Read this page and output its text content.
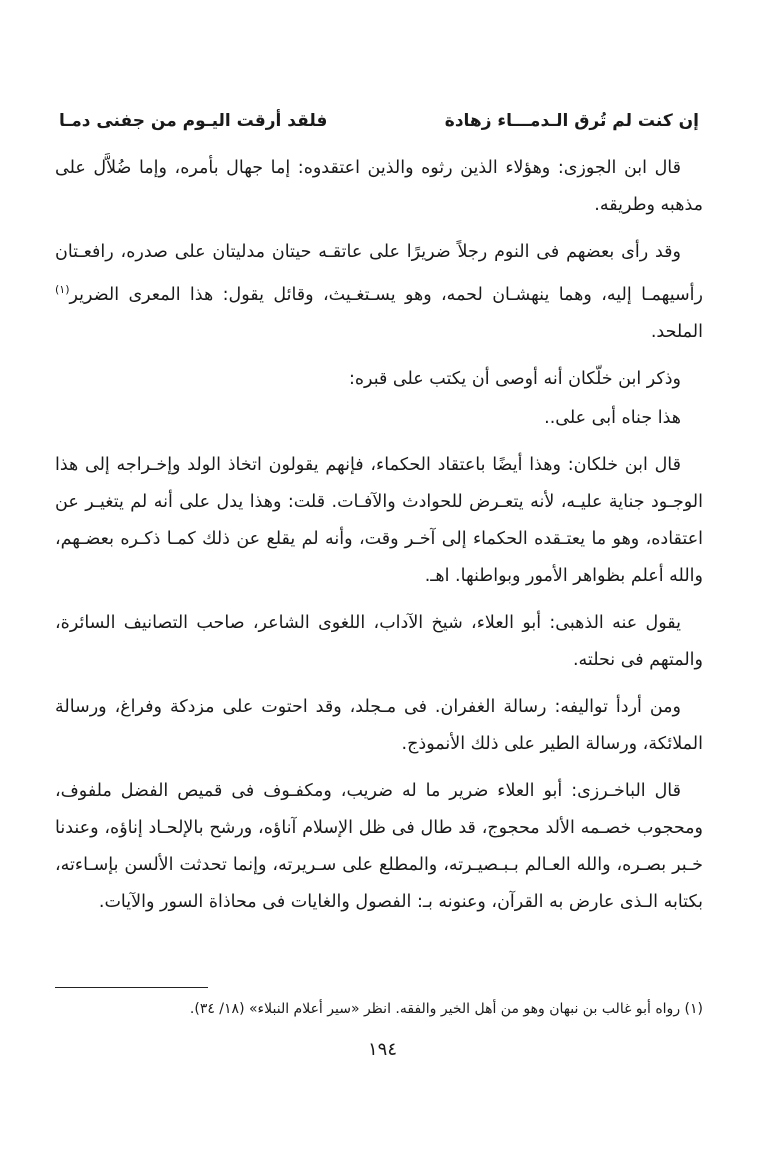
إن كنت لم تُرق الـدمـــاء زهادة
فلقد أرقت اليـوم من جفنى دمـا

قال ابن الجوزى: وهؤلاء الذين رثوه والذين اعتقدوه: إما جهال بأمره، وإما ضُلاَّل على مذهبه وطريقه.

وقد رأى بعضهم فى النوم رجلاً ضريرًا على عاتقـه حيتان مدليتان على صدره، رافعـتان رأسيهمـا إليه، وهما ينهشـان لحمه، وهو يسـتغـيث، وقائل يقول: هذا المعرى الضرير$^{(١)}$ الملحد.

وذكر ابن خلّكان أنه أوصى أن يكتب على قبره:

هذا جناه أبى على..

قال ابن خلكان: وهذا أيضًا باعتقاد الحكماء، فإنهم يقولون اتخاذ الولد وإخـراجه إلى هذا الوجـود جناية عليـه، لأنه يتعـرض للحوادث والآفـات. قلت: وهذا يدل على أنه لم يتغيـر عن اعتقاده، وهو ما يعتـقده الحكماء إلى آخـر وقت، وأنه لم يقلع عن ذلك كمـا ذكـره بعضـهم، والله أعلم بظواهر الأمور وبواطنها. اهـ.

يقول عنه الذهبى: أبو العلاء، شيخ الآداب، اللغوى الشاعر، صاحب التصانيف السائرة، والمتهم فى نحلته.

ومن أردأ تواليفه: رسالة الغفران. فى مـجلد، وقد احتوت على مزدكة وفراغ، ورسالة الملائكة، ورسالة الطير على ذلك الأنموذج.

قال الباخـرزى: أبو العلاء ضرير ما له ضريب، ومكفـوف فى قميص الفضل ملفوف، ومحجوب خصـمه الألد محجوج، قد طال فى ظل الإسلام آناؤه، ورشح بالإلحـاد إناؤه، وعندنا خـبر بصـره، والله العـالم بـبـصيـرته، والمطلع على سـريرته، وإنما تحدثت الألسن بإسـاءته، بكتابه الـذى عارض به القرآن، وعنونه بـ: الفصول والغايات فى محاذاة السور والآيات.

(١) رواه أبو غالب بن نبهان وهو من أهل الخير والفقه. انظر «سير أعلام النبلاء» (١٨/ ٣٤).
١٩٤
